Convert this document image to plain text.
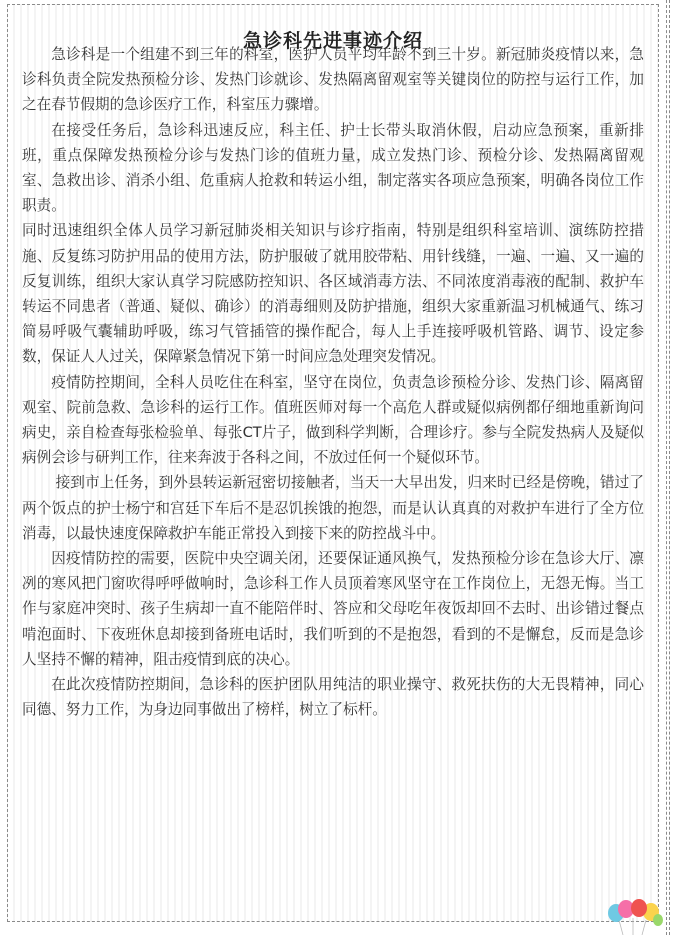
急诊科先进事迹介绍

急诊科是一个组建不到三年的科室，医护人员平均年龄不到三十岁。新冠肺炎疫情以来，急诊科负责全院发热预检分诊、发热门诊就诊、发热隔离留观室等关键岗位的防控与运行工作，加之在春节假期的急诊医疗工作，科室压力骤增。

在接受任务后，急诊科迅速反应，科主任、护士长带头取消休假，启动应急预案，重新排班，重点保障发热预检分诊与发热门诊的值班力量，成立发热门诊、预检分诊、发热隔离留观室、急救出诊、消杀小组、危重病人抢救和转运小组，制定落实各项应急预案，明确各岗位工作职责。

同时迅速组织全体人员学习新冠肺炎相关知识与诊疗指南，特别是组织科室培训、演练防控措施、反复练习防护用品的使用方法，防护服破了就用胶带粘、用针线缝，一遍、一遍、又一遍的反复训练，组织大家认真学习院感防控知识、各区域消毒方法、不同浓度消毒液的配制、救护车转运不同患者（普通、疑似、确诊）的消毒细则及防护措施，组织大家重新温习机械通气、练习简易呼吸气囊辅助呼吸，练习气管插管的操作配合，每人上手连接呼吸机管路、调节、设定参数，保证人人过关，保障紧急情况下第一时间应急处理突发情况。

疫情防控期间，全科人员吃住在科室，坚守在岗位，负责急诊预检分诊、发热门诊、隔离留观室、院前急救、急诊科的运行工作。值班医师对每一个高危人群或疑似病例都仔细地重新询问病史，亲自检查每张检验单、每张CT片子，做到科学判断，合理诊疗。参与全院发热病人及疑似病例会诊与研判工作，往来奔波于各科之间，不放过任何一个疑似环节。

接到市上任务，到外县转运新冠密切接触者，当天一大早出发，归来时已经是傍晚，错过了两个饭点的护士杨宁和宫廷下车后不是忍饥挨饿的抱怨，而是认认真真的对救护车进行了全方位消毒，以最快速度保障救护车能正常投入到接下来的防控战斗中。

因疫情防控的需要，医院中央空调关闭，还要保证通风换气，发热预检分诊在急诊大厅、凛冽的寒风把门窗吹得呼呼做响时，急诊科工作人员顶着寒风坚守在工作岗位上，无怨无悔。当工作与家庭冲突时、孩子生病却一直不能陪伴时、答应和父母吃年夜饭却回不去时、出诊错过餐点啃泡面时、下夜班休息却接到备班电话时，我们听到的不是抱怨，看到的不是懈怠，反而是急诊人坚持不懈的精神，阻击疫情到底的决心。

在此次疫情防控期间，急诊科的医护团队用纯洁的职业操守、救死扶伤的大无畏精神，同心同德、努力工作，为身边同事做出了榜样，树立了标杆。
